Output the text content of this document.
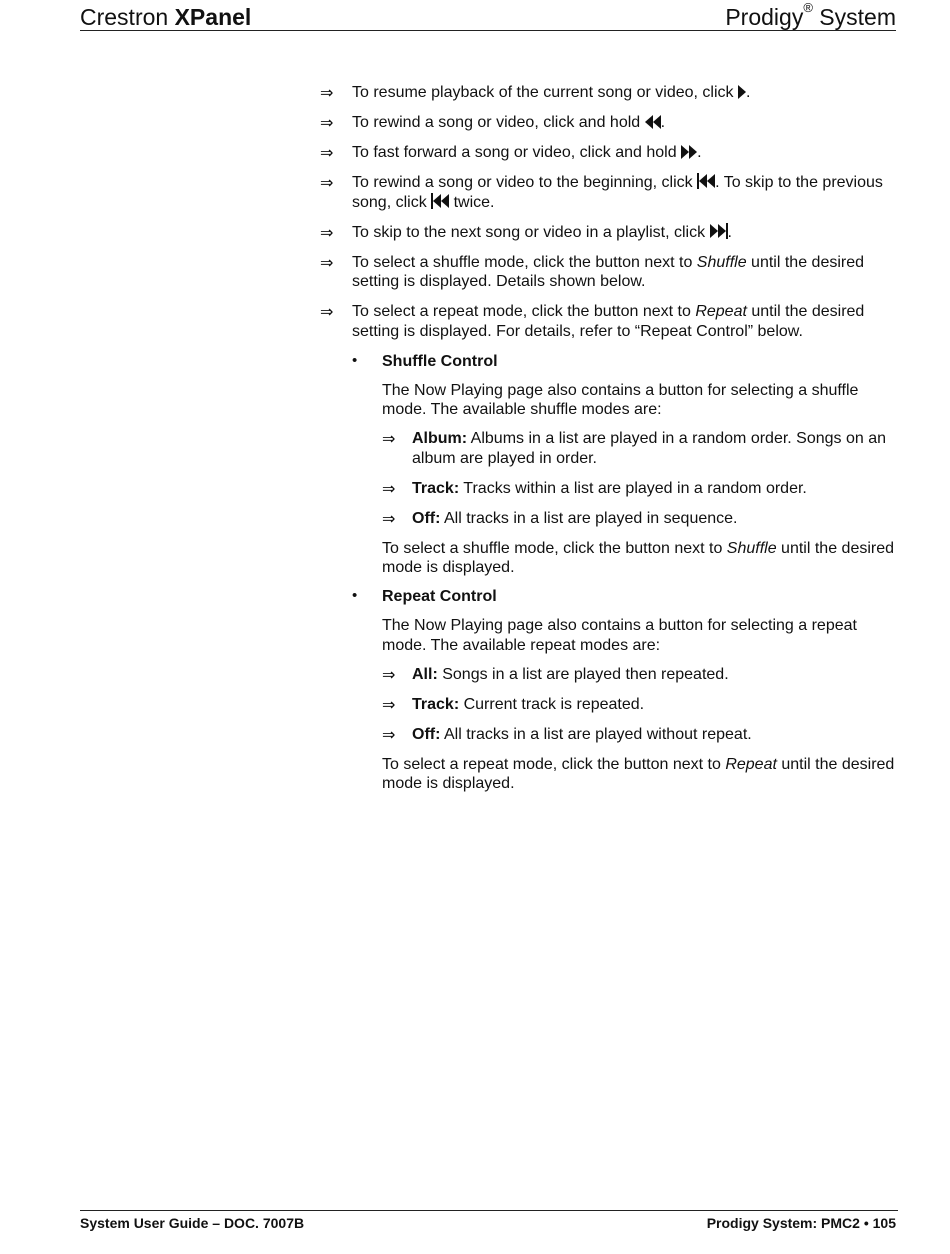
Crestron XPanel	Prodigy® System
⇒ To resume playback of the current song or video, click
.
⇒ To rewind a song or video, click and hold
.
⇒ To fast forward a song or video, click and hold
.
⇒ To rewind a song or video to the beginning, click
. To skip to the previous song, click
twice.
⇒ To skip to the next song or video in a playlist, click
.
⇒ To select a shuffle mode, click the button next to Shuffle until the desired setting is displayed. Details shown below.
⇒ To select a repeat mode, click the button next to Repeat until the desired setting is displayed. For details, refer to “Repeat Control” below.
• Shuffle Control
The Now Playing page also contains a button for selecting a shuffle mode. The available shuffle modes are:
⇒ Album: Albums in a list are played in a random order. Songs on an album are played in order.
⇒ Track: Tracks within a list are played in a random order.
⇒ Off: All tracks in a list are played in sequence.
To select a shuffle mode, click the button next to Shuffle until the desired mode is displayed.
• Repeat Control
The Now Playing page also contains a button for selecting a repeat mode. The available repeat modes are:
⇒ All: Songs in a list are played then repeated.
⇒ Track: Current track is repeated.
⇒ Off: All tracks in a list are played without repeat.
To select a repeat mode, click the button next to Repeat until the desired mode is displayed.
System User Guide – DOC. 7007B	Prodigy System: PMC2 • 105
